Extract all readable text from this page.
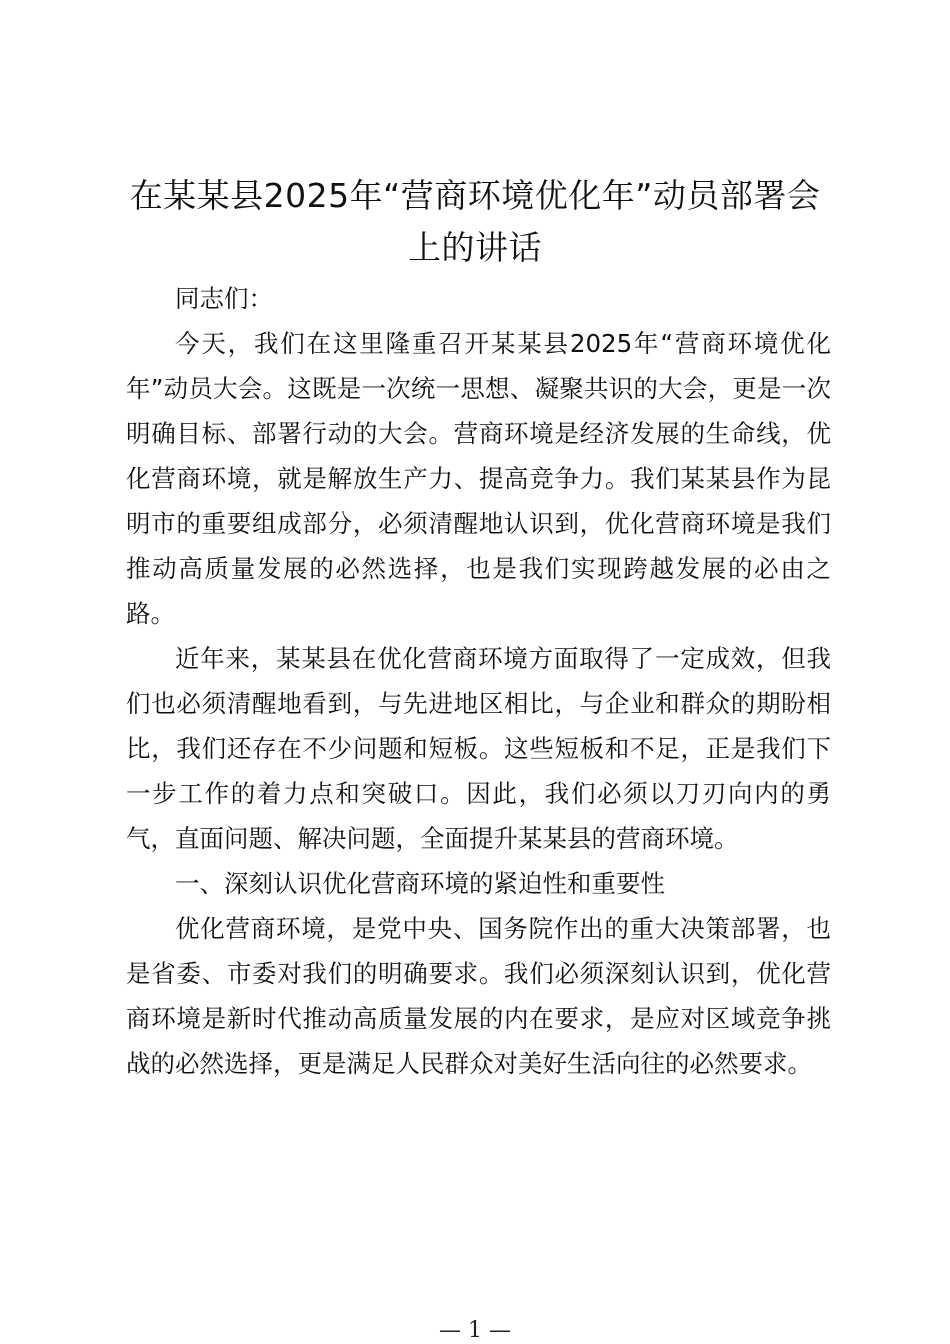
在某某县2025年“营商环境优化年”动员部署会上的讲话

同志们：

今天，我们在这里隆重召开某某县2025年“营商环境优化年”动员大会。这既是一次统一思想、凝聚共识的大会，更是一次明确目标、部署行动的大会。营商环境是经济发展的生命线，优化营商环境，就是解放生产力、提高竞争力。我们某某县作为昆明市的重要组成部分，必须清醒地认识到，优化营商环境是我们推动高质量发展的必然选择，也是我们实现跨越发展的必由之路。

近年来，某某县在优化营商环境方面取得了一定成效，但我们也必须清醒地看到，与先进地区相比，与企业和群众的期盼相比，我们还存在不少问题和短板。这些短板和不足，正是我们下一步工作的着力点和突破口。因此，我们必须以刀刃向内的勇气，直面问题、解决问题，全面提升某某县的营商环境。

一、深刻认识优化营商环境的紧迫性和重要性

优化营商环境，是党中央、国务院作出的重大决策部署，也是省委、市委对我们的明确要求。我们必须深刻认识到，优化营商环境是新时代推动高质量发展的内在要求，是应对区域竞争挑战的必然选择，更是满足人民群众对美好生活向往的必然要求。

— 1 —
